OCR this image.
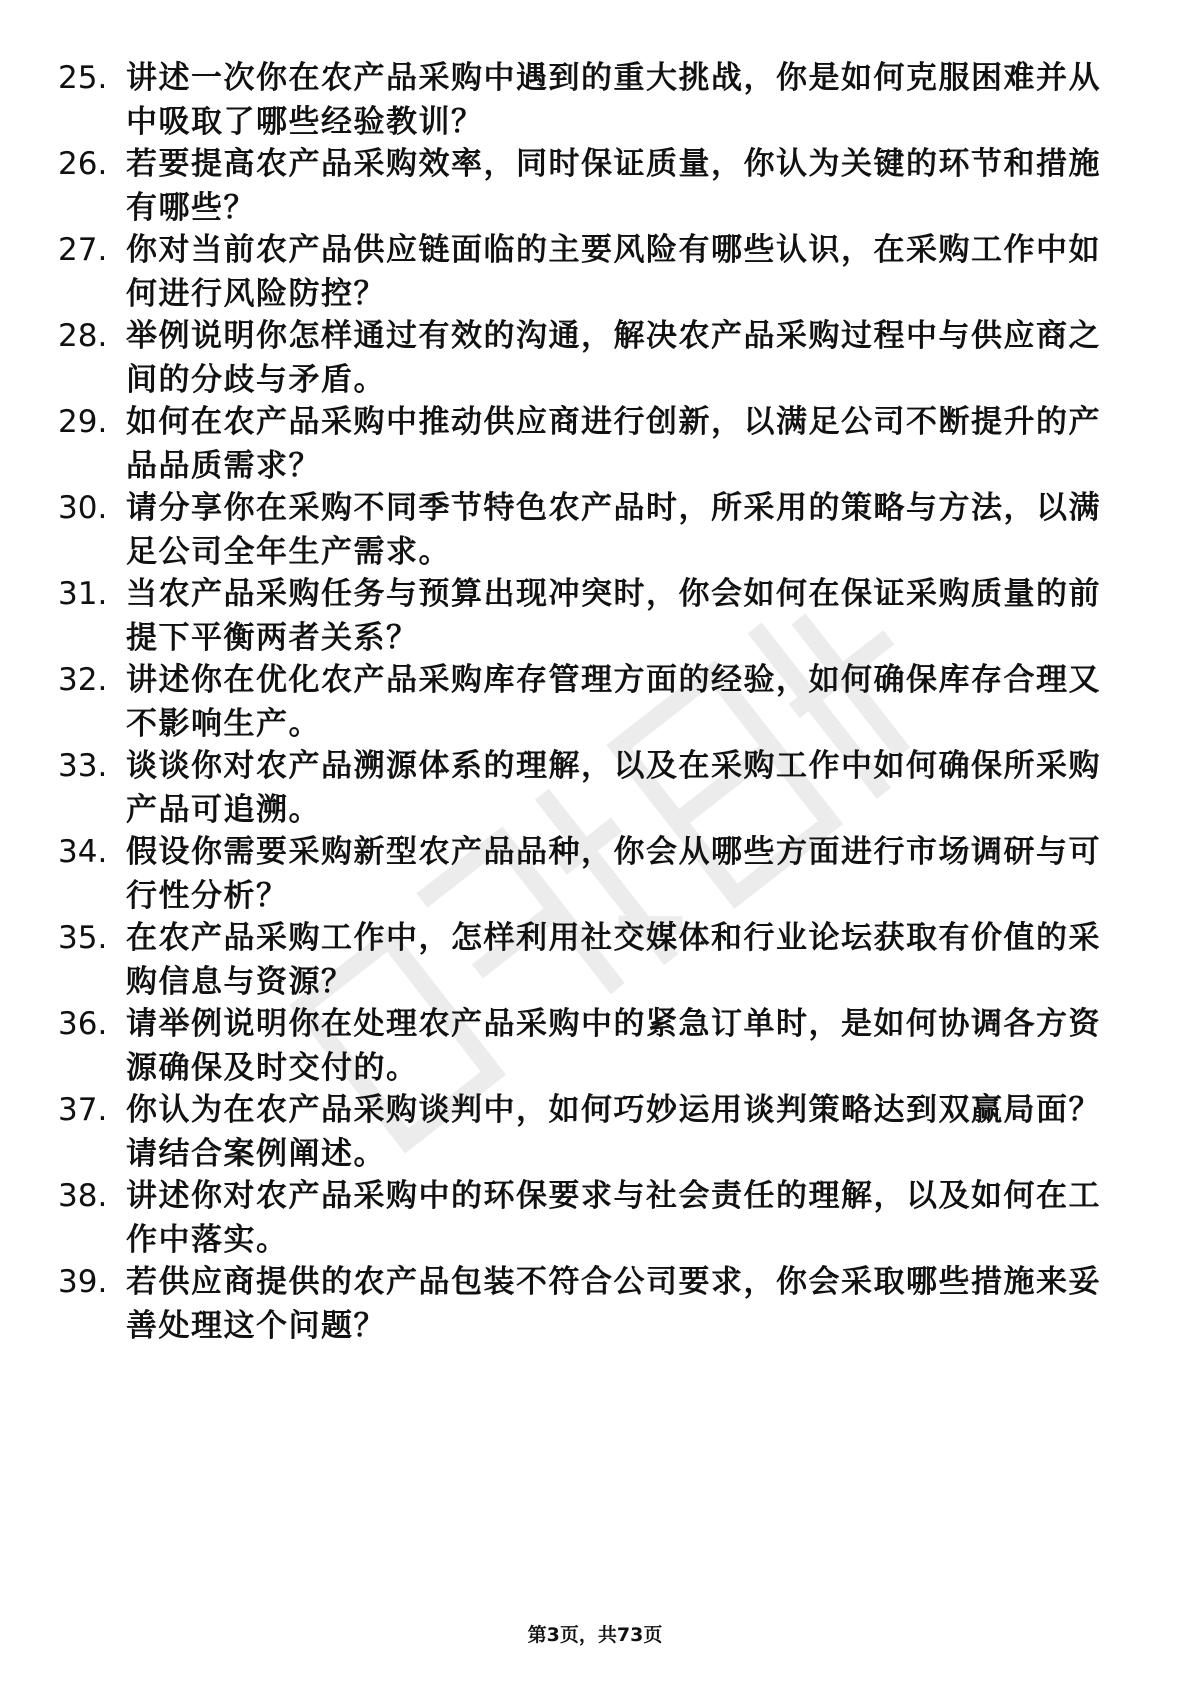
25. 讲述一次你在农产品采购中遇到的重大挑战，你是如何克服困难并从中吸取了哪些经验教训？
26. 若要提高农产品采购效率，同时保证质量，你认为关键的环节和措施有哪些？
27. 你对当前农产品供应链面临的主要风险有哪些认识，在采购工作中如何进行风险防控？
28. 举例说明你怎样通过有效的沟通，解决农产品采购过程中与供应商之间的分歧与矛盾。
29. 如何在农产品采购中推动供应商进行创新，以满足公司不断提升的产品品质需求？
30. 请分享你在采购不同季节特色农产品时，所采用的策略与方法，以满足公司全年生产需求。
31. 当农产品采购任务与预算出现冲突时，你会如何在保证采购质量的前提下平衡两者关系？
32. 讲述你在优化农产品采购库存管理方面的经验，如何确保库存合理又不影响生产。
33. 谈谈你对农产品溯源体系的理解，以及在采购工作中如何确保所采购产品可追溯。
34. 假设你需要采购新型农产品品种，你会从哪些方面进行市场调研与可行性分析？
35. 在农产品采购工作中，怎样利用社交媒体和行业论坛获取有价值的采购信息与资源？
36. 请举例说明你在处理农产品采购中的紧急订单时，是如何协调各方资源确保及时交付的。
37. 你认为在农产品采购谈判中，如何巧妙运用谈判策略达到双赢局面？请结合案例阐述。
38. 讲述你对农产品采购中的环保要求与社会责任的理解，以及如何在工作中落实。
39. 若供应商提供的农产品包装不符合公司要求，你会采取哪些措施来妥善处理这个问题？
第3页，共73页
